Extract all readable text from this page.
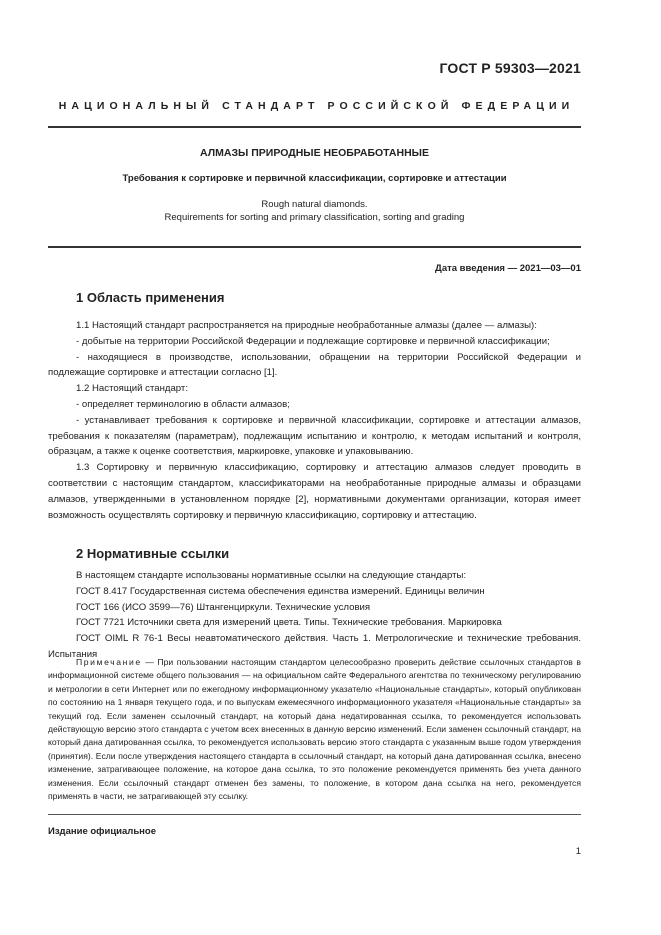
ГОСТ Р 59303—2021
НАЦИОНАЛЬНЫЙ СТАНДАРТ РОССИЙСКОЙ ФЕДЕРАЦИИ
АЛМАЗЫ ПРИРОДНЫЕ НЕОБРАБОТАННЫЕ
Требования к сортировке и первичной классификации, сортировке и аттестации
Rough natural diamonds.
Requirements for sorting and primary classification, sorting and grading
Дата введения — 2021—03—01
1 Область применения

1.1 Настоящий стандарт распространяется на природные необработанные алмазы (далее — алмазы):

- добытые на территории Российской Федерации и подлежащие сортировке и первичной классификации;

- находящиеся в производстве, использовании, обращении на территории Российской Федерации и подлежащие сортировке и аттестации согласно [1].

1.2 Настоящий стандарт:

- определяет терминологию в области алмазов;

- устанавливает требования к сортировке и первичной классификации, сортировке и аттестации алмазов, требования к показателям (параметрам), подлежащим испытанию и контролю, к методам испытаний и контроля, образцам, а также к оценке соответствия, маркировке, упаковке и упаковыванию.

1.3 Сортировку и первичную классификацию, сортировку и аттестацию алмазов следует проводить в соответствии с настоящим стандартом, классификаторами на необработанные природные алмазы и образцами алмазов, утвержденными в установленном порядке [2], нормативными документами организации, которая имеет возможность осуществлять сортировку и первичную классификацию, сортировку и аттестацию.

2 Нормативные ссылки

В настоящем стандарте использованы нормативные ссылки на следующие стандарты:

ГОСТ 8.417 Государственная система обеспечения единства измерений. Единицы величин

ГОСТ 166 (ИСО 3599—76) Штангенциркули. Технические условия

ГОСТ 7721 Источники света для измерений цвета. Типы. Технические требования. Маркировка

ГОСТ OIML R 76-1 Весы неавтоматического действия. Часть 1. Метрологические и технические требования. Испытания

Примечание — При пользовании настоящим стандартом целесообразно проверить действие ссылочных стандартов в информационной системе общего пользования — на официальном сайте Федерального агентства по техническому регулированию и метрологии в сети Интернет или по ежегодному информационному указателю «Национальные стандарты», который опубликован по состоянию на 1 января текущего года, и по выпускам ежемесячного информационного указателя «Национальные стандарты» за текущий год. Если заменен ссылочный стандарт, на который дана недатированная ссылка, то рекомендуется использовать действующую версию этого стандарта с учетом всех внесенных в данную версию изменений. Если заменен ссылочный стандарт, на который дана датированная ссылка, то рекомендуется использовать версию этого стандарта с указанным выше годом утверждения (принятия). Если после утверждения настоящего стандарта в ссылочный стандарт, на который дана датированная ссылка, внесено изменение, затрагивающее положение, на которое дана ссылка, то это положение рекомендуется применять без учета данного изменения. Если ссылочный стандарт отменен без замены, то положение, в котором дана ссылка на него, рекомендуется применять в части, не затрагивающей эту ссылку.

Издание официальное
1
